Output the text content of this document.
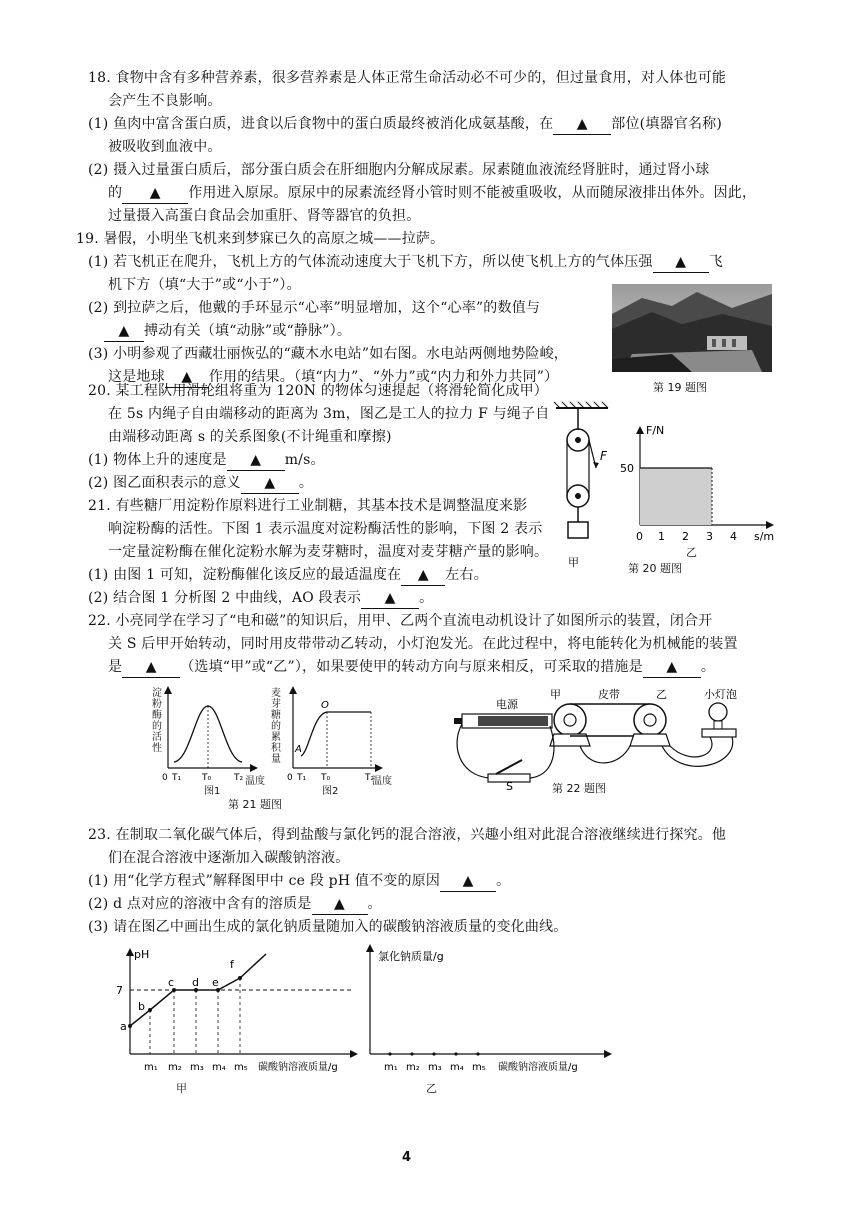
18. 食物中含有多种营养素，很多营养素是人体正常生命活动必不可少的，但过量食用，对人体也可能
会产生不良影响。
(1) 鱼肉中富含蛋白质，进食以后食物中的蛋白质最终被消化成氨基酸，在 ▲ 部位(填器官名称)
被吸收到血液中。
(2) 摄入过量蛋白质后，部分蛋白质会在肝细胞内分解成尿素。尿素随血液流经肾脏时，通过肾小球
的 ▲ 作用进入原尿。原尿中的尿素流经肾小管时则不能被重吸收，从而随尿液排出体外。因此，
过量摄入高蛋白食品会加重肝、肾等器官的负担。
19. 暑假，小明坐飞机来到梦寐已久的高原之城——拉萨。
(1) 若飞机正在爬升，飞机上方的气体流动速度大于飞机下方，所以使飞机上方的气体压强 ▲ 飞
机下方（填“大于”或“小于”）。
(2) 到拉萨之后，他戴的手环显示“心率”明显增加，这个“心率”的数值与
▲ 搏动有关（填“动脉”或“静脉”）。
(3) 小明参观了西藏壮丽恢弘的“藏木水电站”如右图。水电站两侧地势险峻，
这是地球 ▲ 作用的结果。（填“内力”、“外力”或“内力和外力共同”）
第 19 题图
20. 某工程队用滑轮组将重为 120N 的物体匀速提起（将滑轮简化成甲）
在 5s 内绳子自由端移动的距离为 3m，图乙是工人的拉力 F 与绳子自
由端移动距离 s 的关系图象(不计绳重和摩擦)
(1) 物体上升的速度是 ▲ m/s。
(2) 图乙面积表示的意义 ▲ 。
F
甲
F/N
s/m
50
0 1 2 3 4
乙
第 20 题图
21. 有些糖厂用淀粉作原料进行工业制糖，其基本技术是调整温度来影
响淀粉酶的活性。下图 1 表示温度对淀粉酶活性的影响，下图 2 表示
一定量淀粉酶在催化淀粉水解为麦芽糖时，温度对麦芽糖产量的影响。
(1) 由图 1 可知，淀粉酶催化该反应的最适温度在 ▲ 左右。
(2) 结合图 1 分析图 2 中曲线，AO 段表示 ▲ 。
22. 小亮同学在学习了“电和磁”的知识后，用甲、乙两个直流电动机设计了如图所示的装置，闭合开
关 S 后甲开始转动，同时用皮带带动乙转动，小灯泡发光。在此过程中，将电能转化为机械能的装置
是 ▲ （选填“甲”或“乙”），如果要使甲的转动方向与原来相反，可采取的措施是 ▲ 。
0 T₁ T₀	T₂
淀粉酶的活性
温度
图1
A
O
0 T₁ T₀	T₂
麦芽糖的累积量
温度
图2
第 21 题图
电源
甲	皮带	乙	小灯泡
S	第 22 题图
23. 在制取二氧化碳气体后，得到盐酸与氯化钙的混合溶液，兴趣小组对此混合溶液继续进行探究。他
们在混合溶液中逐渐加入碳酸钠溶液。
(1) 用“化学方程式”解释图甲中 ce 段 pH 值不变的原因 ▲ 。
(2) d 点对应的溶液中含有的溶质是 ▲ 。
(3) 请在图乙中画出生成的氯化钠质量随加入的碳酸钠溶液质量的变化曲线。
pH
7
a
b
c d e
f
m₁ m₂ m₃ m₄ m₅ 碳酸钠溶液质量/g
甲
氯化钠质量/g
m₁ m₂ m₃ m₄ m₅ 碳酸钠溶液质量/g
乙
4
